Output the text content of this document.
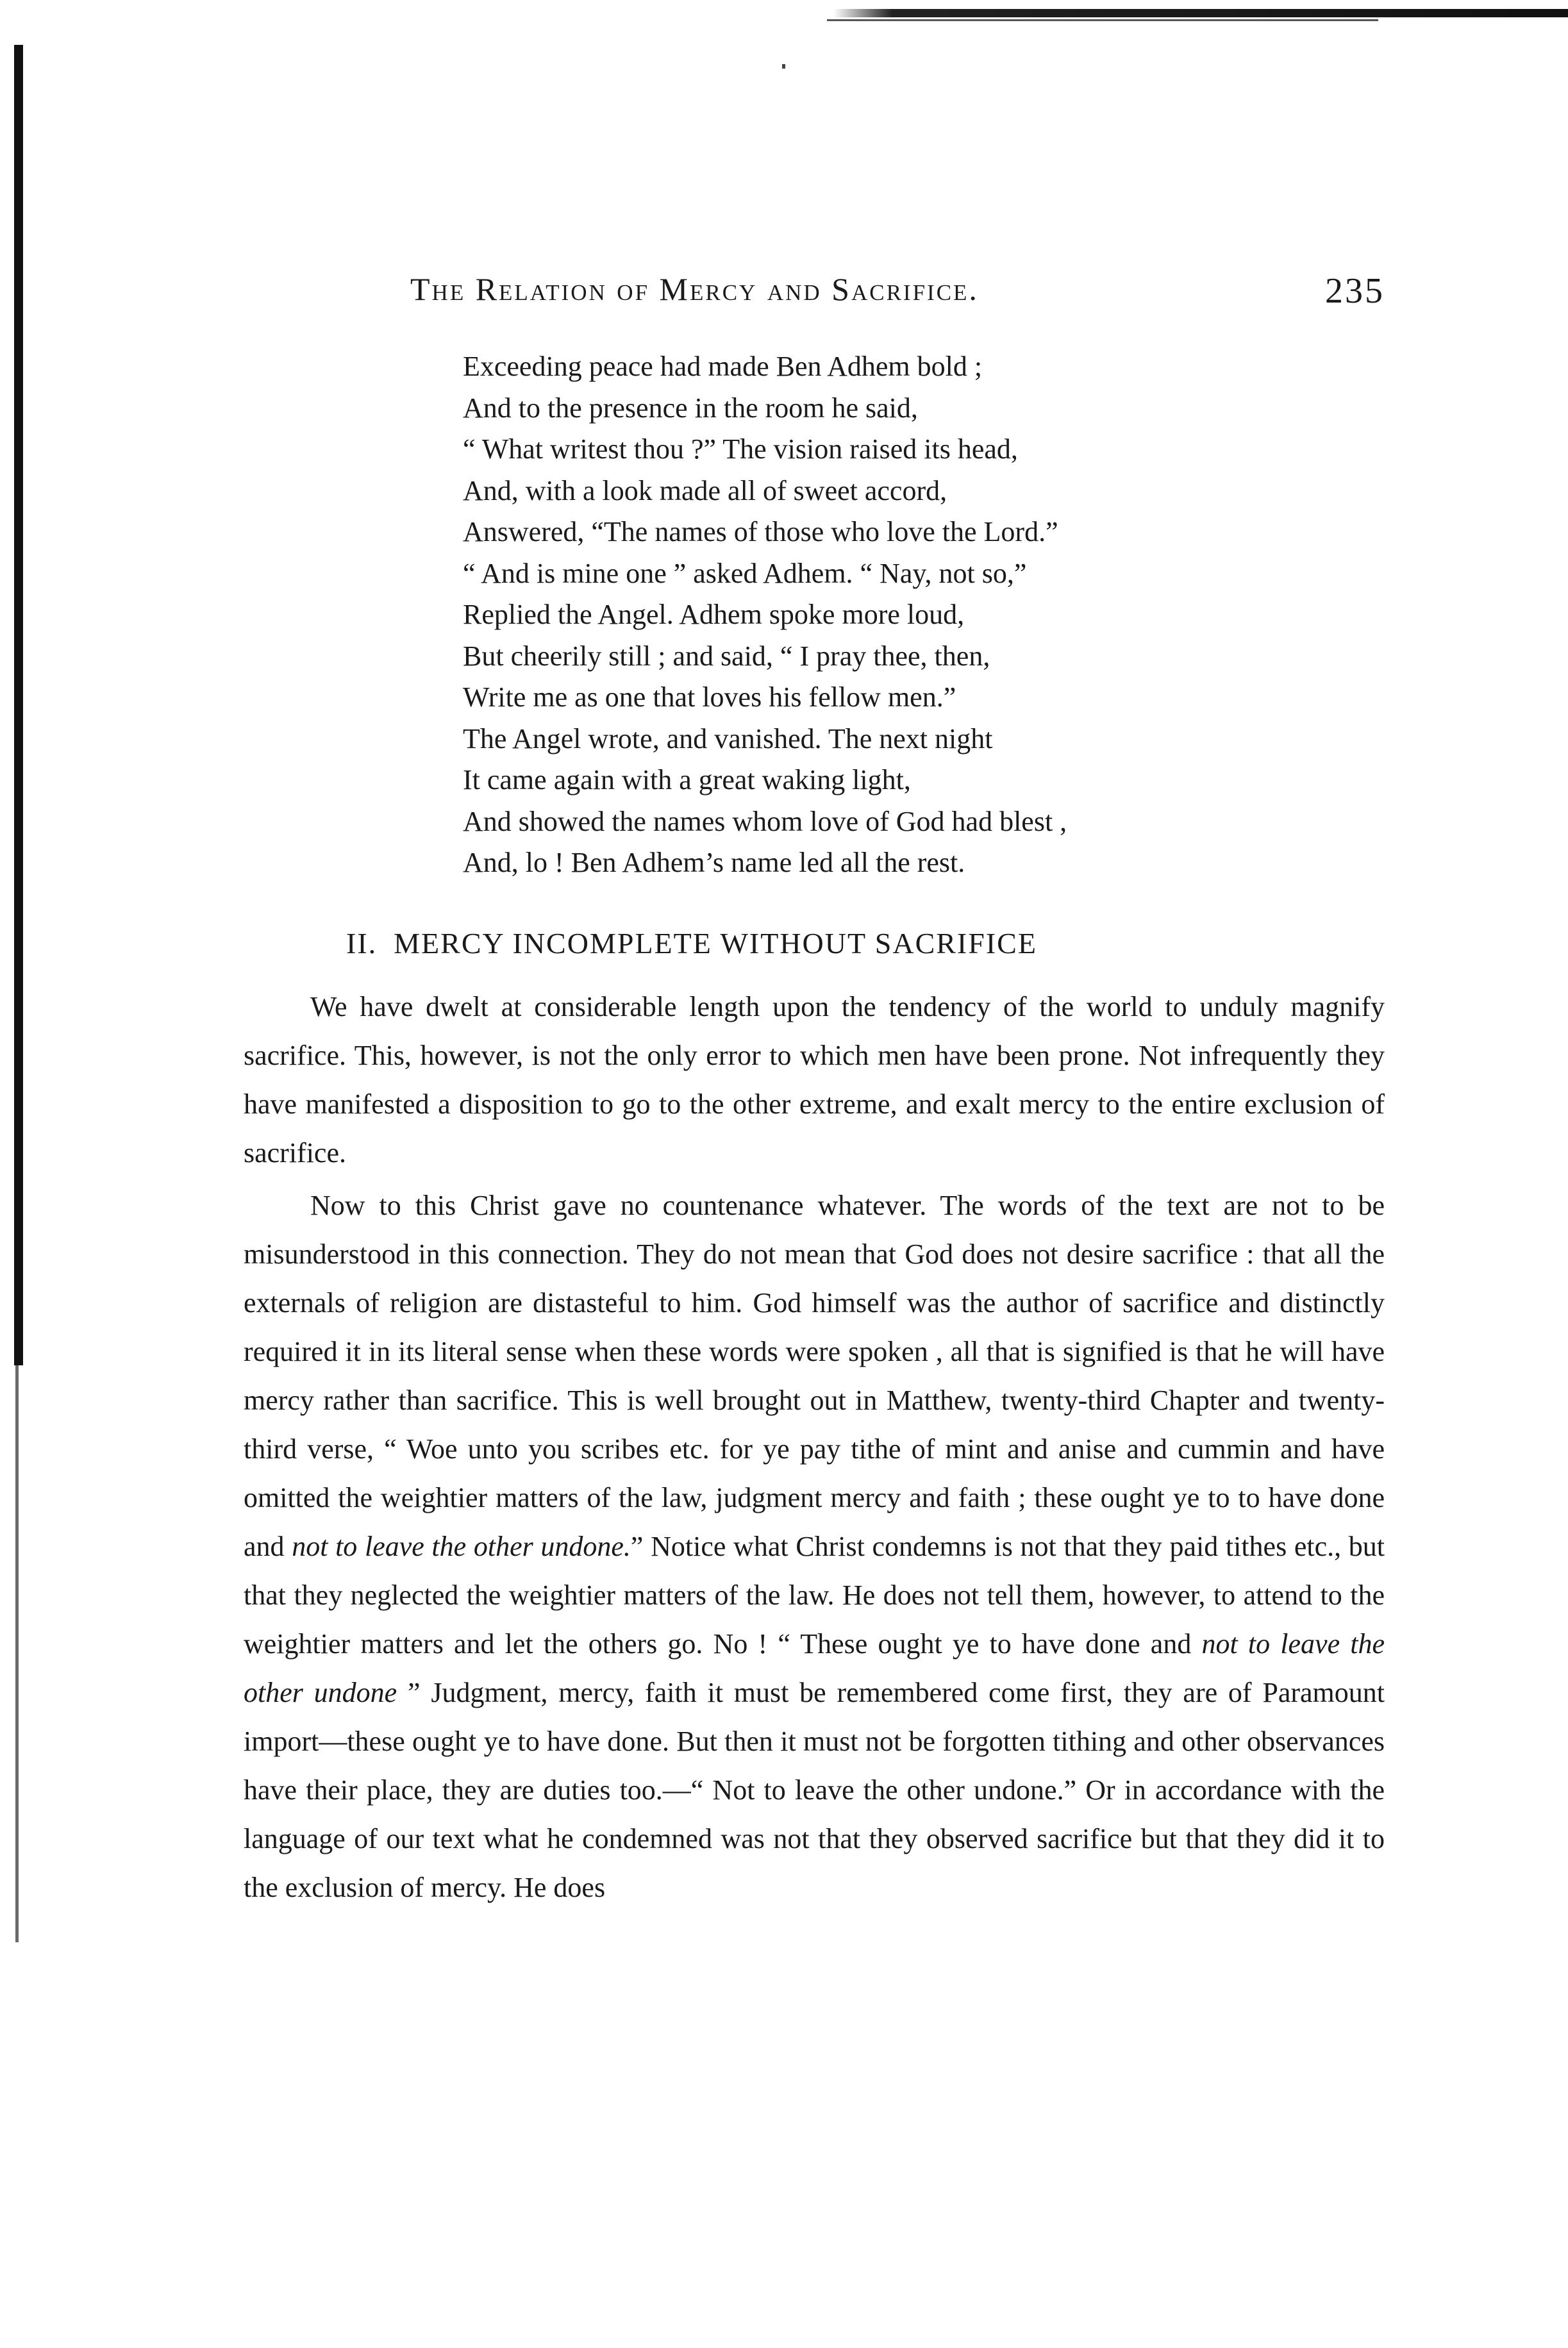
The Relation of Mercy and Sacrifice.	235
Exceeding peace had made Ben Adhem bold ;
And to the presence in the room he said,
“ What writest thou ?” The vision raised its head,
And, with a look made all of sweet accord,
Answered, “The names of those who love the Lord.”
“ And is mine one ” asked Adhem. “ Nay, not so,”
Replied the Angel. Adhem spoke more loud,
But cheerily still ; and said, “ I pray thee, then,
Write me as one that loves his fellow men.”
The Angel wrote, and vanished. The next night
It came again with a great waking light,
And showed the names whom love of God had blest ,
And, lo ! Ben Adhem’s name led all the rest.
II. MERCY INCOMPLETE WITHOUT SACRIFICE

We have dwelt at considerable length upon the tendency of the world to unduly magnify sacrifice. This, however, is not the only error to which men have been prone. Not infrequently they have manifested a disposition to go to the other extreme, and exalt mercy to the entire exclusion of sacrifice.

Now to this Christ gave no countenance whatever. The words of the text are not to be misunderstood in this connection. They do not mean that God does not desire sacrifice : that all the externals of religion are distasteful to him. God himself was the author of sacrifice and distinctly required it in its literal sense when these words were spoken , all that is signified is that he will have mercy rather than sacrifice. This is well brought out in Matthew, twenty-third Chapter and twenty-third verse, “ Woe unto you scribes etc. for ye pay tithe of mint and anise and cummin and have omitted the weightier matters of the law, judgment mercy and faith ; these ought ye to to have done and not to leave the other undone.” Notice what Christ condemns is not that they paid tithes etc., but that they neglected the weightier matters of the law. He does not tell them, however, to attend to the weightier matters and let the others go. No ! “ These ought ye to have done and not to leave the other undone ” Judgment, mercy, faith it must be remembered come first, they are of Paramount import—these ought ye to have done. But then it must not be forgotten tithing and other observances have their place, they are duties too.—“ Not to leave the other undone.” Or in accordance with the language of our text what he condemned was not that they observed sacrifice but that they did it to the exclusion of mercy. He does
